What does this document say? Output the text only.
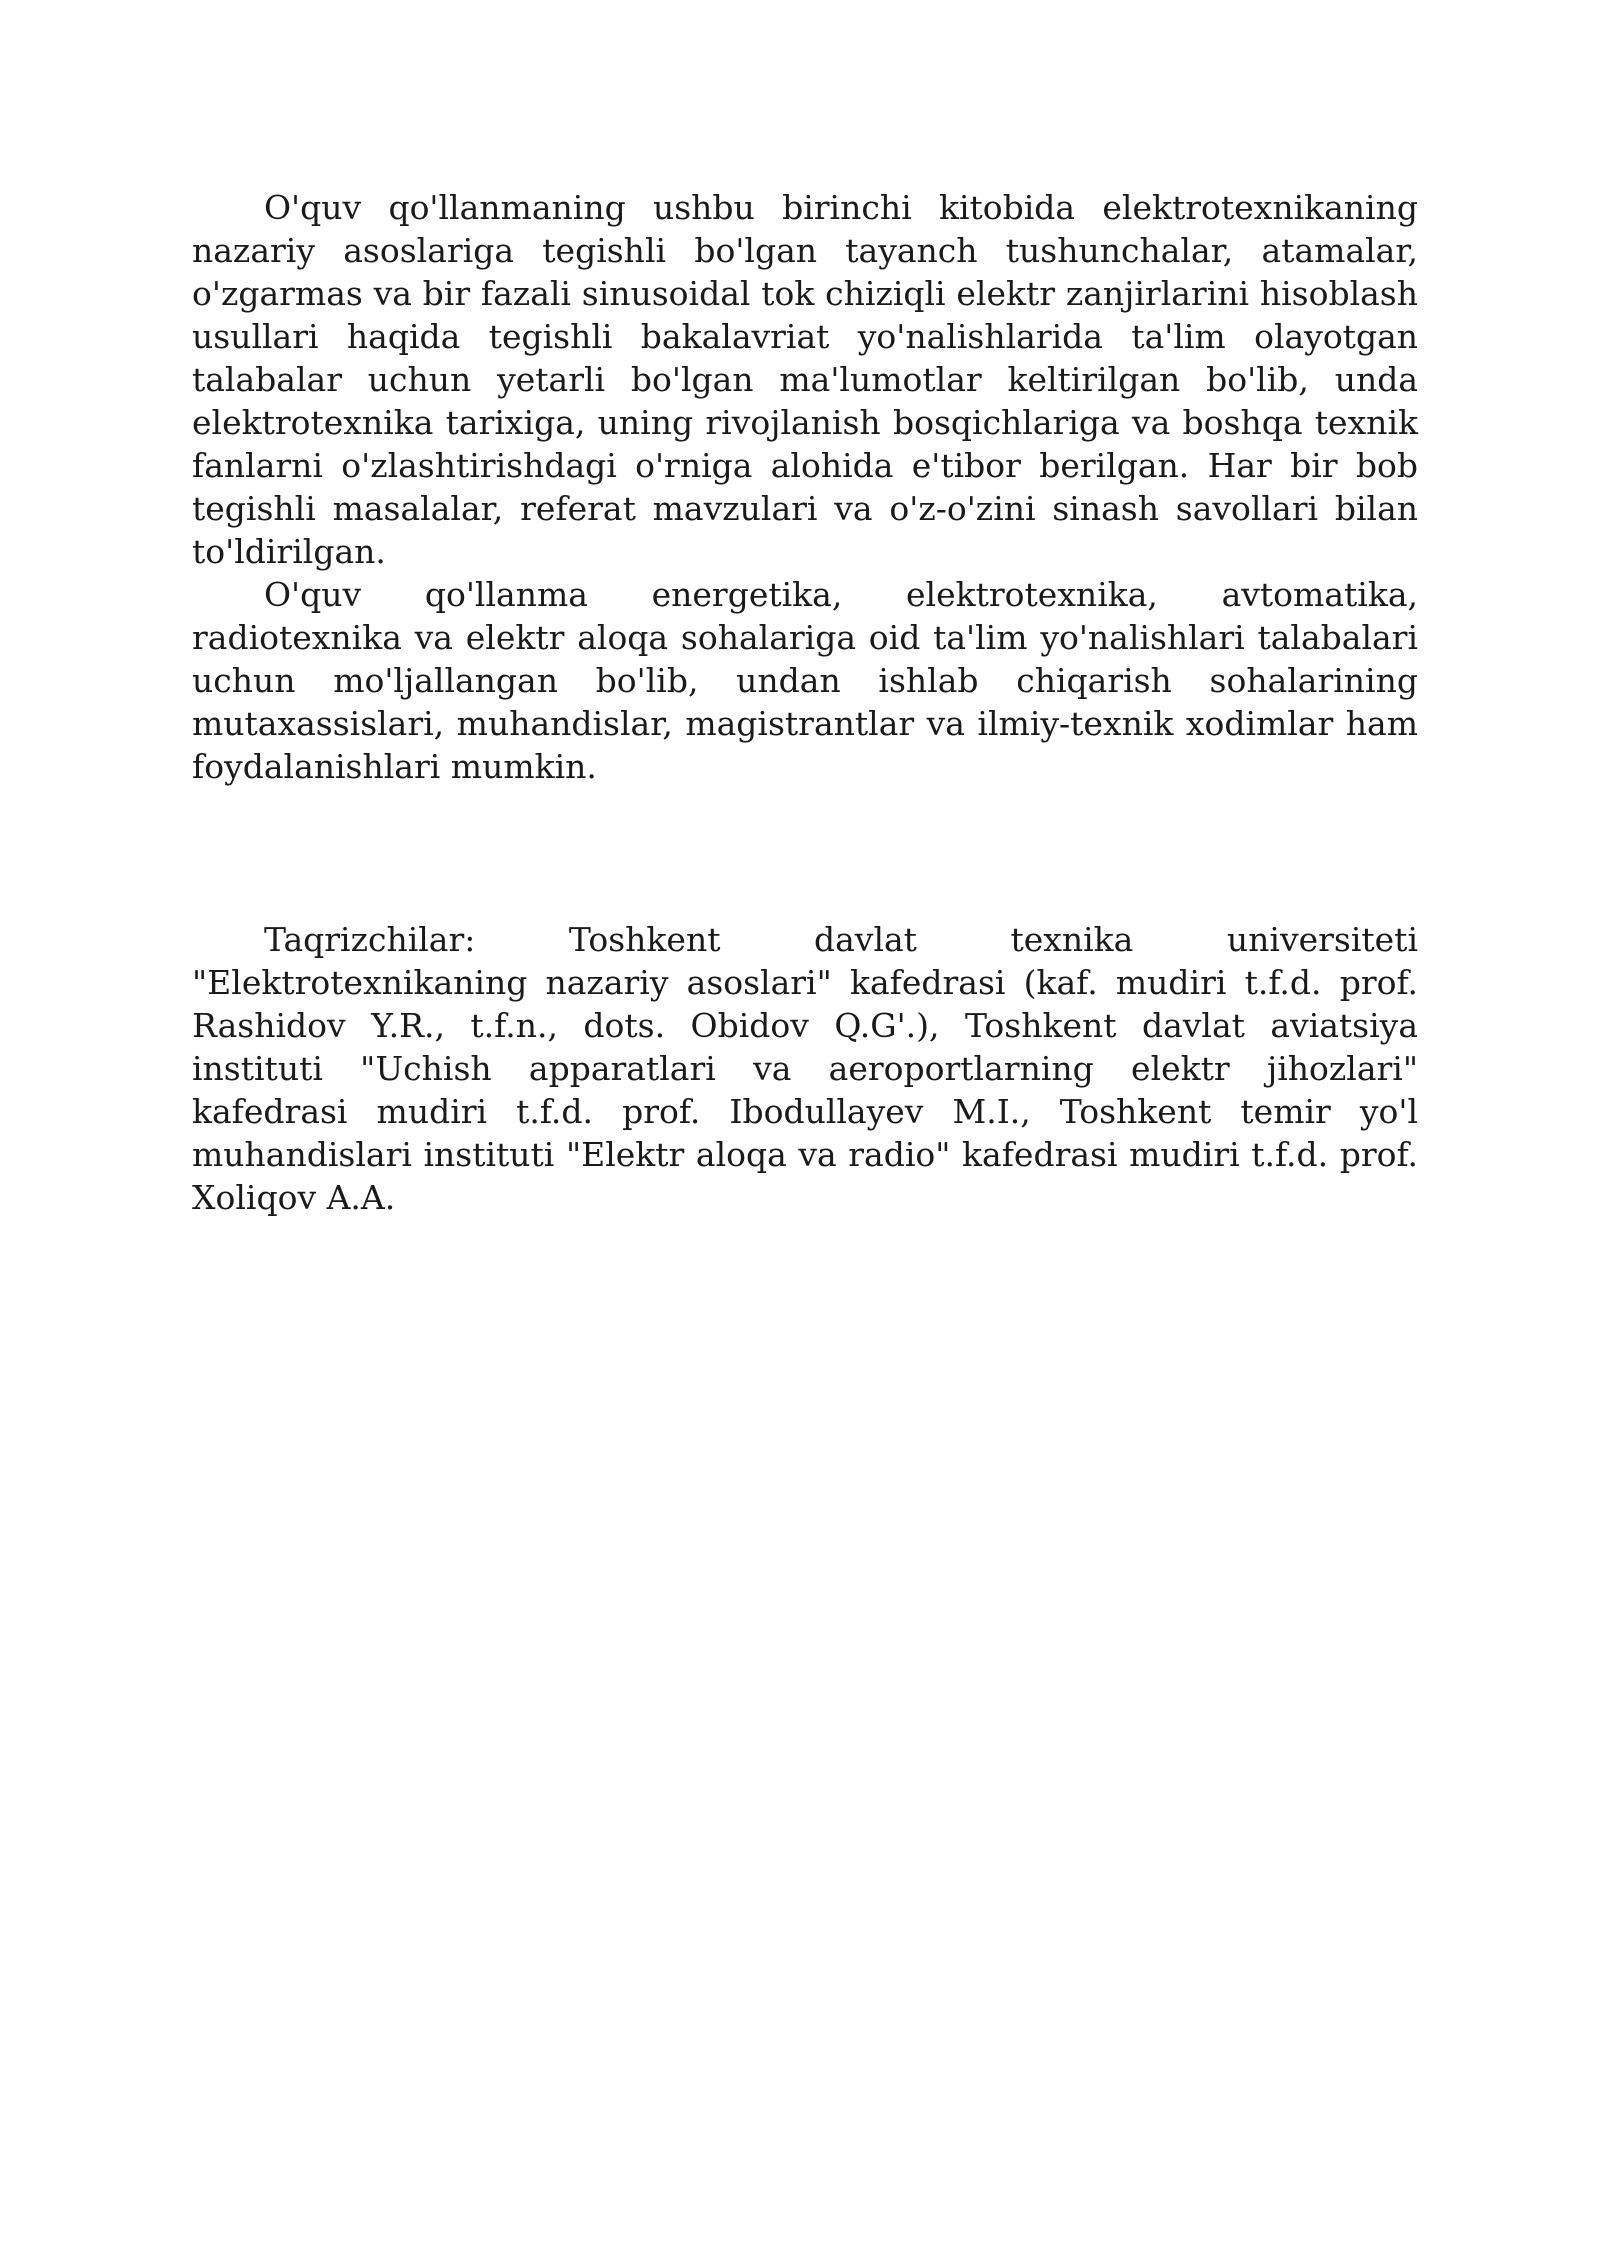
O'quv qo'llanmaning ushbu birinchi kitobida elektrotexnikaning nazariy asoslariga tegishli bo'lgan tayanch tushunchalar, atamalar, o'zgarmas va bir fazali sinusoidal tok chiziqli elektr zanjirlarini hisoblash usullari haqida tegishli bakalavriat yo'nalishlarida ta'lim olayotgan talabalar uchun yetarli bo'lgan ma'lumotlar keltirilgan bo'lib, unda elektrotexnika tarixiga, uning rivojlanish bosqichlariga va boshqa texnik fanlarni o'zlashtirishdagi o'rniga alohida e'tibor berilgan. Har bir bob tegishli masalalar, referat mavzulari va o'z-o'zini sinash savollari bilan to'ldirilgan.

O'quv qo'llanma energetika, elektrotexnika, avtomatika, radiotexnika va elektr aloqa sohalariga oid ta'lim yo'nalishlari talabalari uchun mo'ljallangan bo'lib, undan ishlab chiqarish sohalarining mutaxassislari, muhandislar, magistrantlar va ilmiy-texnik xodimlar ham foydalanishlari mumkin.

Taqrizchilar: Toshkent davlat texnika universiteti "Elektrotexnikaning nazariy asoslari" kafedrasi (kaf. mudiri t.f.d. prof. Rashidov Y.R., t.f.n., dots. Obidov Q.G'.), Toshkent davlat aviatsiya instituti "Uchish apparatlari va aeroportlarning elektr jihozlari" kafedrasi mudiri t.f.d. prof. Ibodullayev M.I., Toshkent temir yo'l muhandislari instituti "Elektr aloqa va radio" kafedrasi mudiri t.f.d. prof. Xoliqov A.A.
